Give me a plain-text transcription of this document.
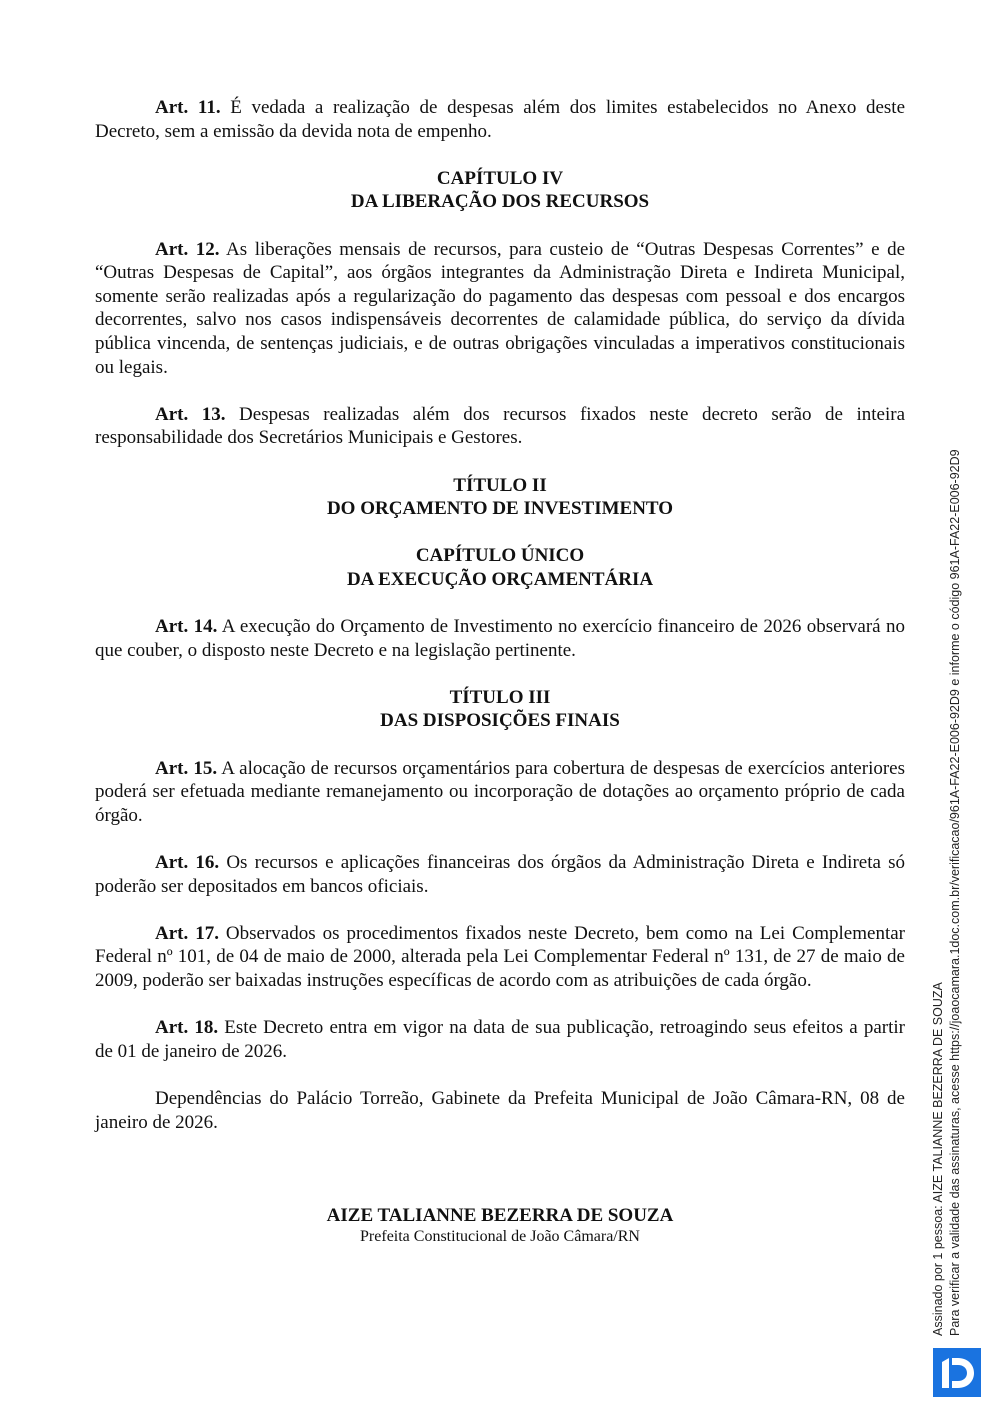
Art. 11. É vedada a realização de despesas além dos limites estabelecidos no Anexo deste Decreto, sem a emissão da devida nota de empenho.

CAPÍTULO IV
DA LIBERAÇÃO DOS RECURSOS

Art. 12. As liberações mensais de recursos, para custeio de “Outras Despesas Correntes” e de “Outras Despesas de Capital”, aos órgãos integrantes da Administração Direta e Indireta Municipal, somente serão realizadas após a regularização do pagamento das despesas com pessoal e dos encargos decorrentes, salvo nos casos indispensáveis decorrentes de calamidade pública, do serviço da dívida pública vincenda, de sentenças judiciais, e de outras obrigações vinculadas a imperativos constitucionais ou legais.

Art. 13. Despesas realizadas além dos recursos fixados neste decreto serão de inteira responsabilidade dos Secretários Municipais e Gestores.

TÍTULO II
DO ORÇAMENTO DE INVESTIMENTO
CAPÍTULO ÚNICO
DA EXECUÇÃO ORÇAMENTÁRIA

Art. 14. A execução do Orçamento de Investimento no exercício financeiro de 2026 observará no que couber, o disposto neste Decreto e na legislação pertinente.

TÍTULO III
DAS DISPOSIÇÕES FINAIS

Art. 15. A alocação de recursos orçamentários para cobertura de despesas de exercícios anteriores poderá ser efetuada mediante remanejamento ou incorporação de dotações ao orçamento próprio de cada órgão.

Art. 16. Os recursos e aplicações financeiras dos órgãos da Administração Direta e Indireta só poderão ser depositados em bancos oficiais.

Art. 17. Observados os procedimentos fixados neste Decreto, bem como na Lei Complementar Federal nº 101, de 04 de maio de 2000, alterada pela Lei Complementar Federal nº 131, de 27 de maio de 2009, poderão ser baixadas instruções específicas de acordo com as atribuições de cada órgão.

Art. 18. Este Decreto entra em vigor na data de sua publicação, retroagindo seus efeitos a partir de 01 de janeiro de 2026.

Dependências do Palácio Torreão, Gabinete da Prefeita Municipal de João Câmara-RN, 08 de janeiro de 2026.

AIZE TALIANNE BEZERRA DE SOUZA
Prefeita Constitucional de João Câmara/RN	Assinado por 1 pessoa: AIZE TALIANNE BEZERRA DE SOUZA Para verificar a validade das assinaturas, acesse https://joaocamara.1doc.com.br/verificacao/961A-FA22-E006-92D9 e informe o código 961A-FA22-E006-92D9
